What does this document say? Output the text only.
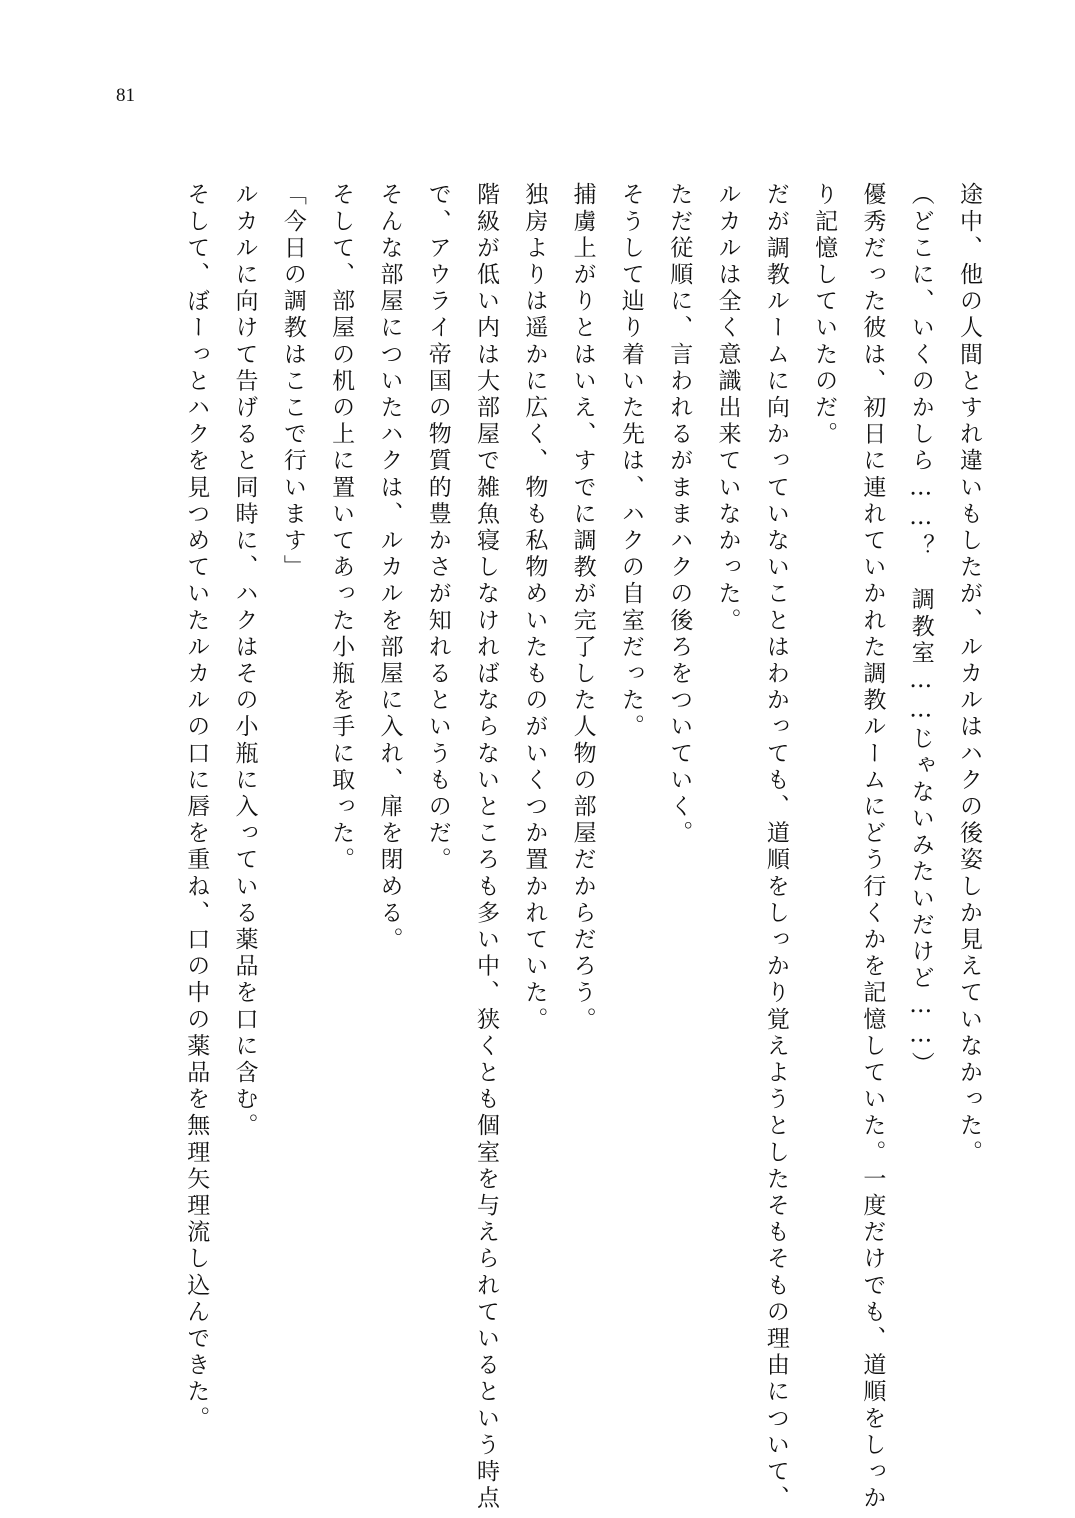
81

途中、他の人間とすれ違いもしたが、ルカルはハクの後姿しか見えていなかった。

（どこに、いくのかしら……？　調教室……じゃないみたいだけど……）

優秀だった彼は、初日に連れていかれた調教ルームにどう行くかを記憶していた。一度だけでも、道順をしっか

り記憶していたのだ。

だが調教ルームに向かっていないことはわかっても、道順をしっかり覚えようとしたそもそもの理由について、

ルカルは全く意識出来ていなかった。

ただ従順に、言われるがままハクの後ろをついていく。

そうして辿り着いた先は、ハクの自室だった。

捕虜上がりとはいえ、すでに調教が完了した人物の部屋だからだろう。

独房よりは遥かに広く、物も私物めいたものがいくつか置かれていた。

階級が低い内は大部屋で雑魚寝しなければならないところも多い中、狭くとも個室を与えられているという時点

で、アウライ帝国の物質的豊かさが知れるというものだ。

そんな部屋についたハクは、ルカルを部屋に入れ、扉を閉める。

そして、部屋の机の上に置いてあった小瓶を手に取った。

「今日の調教はここで行います」

ルカルに向けて告げると同時に、ハクはその小瓶に入っている薬品を口に含む。

そして、ぼーっとハクを見つめていたルカルの口に唇を重ね、口の中の薬品を無理矢理流し込んできた。
